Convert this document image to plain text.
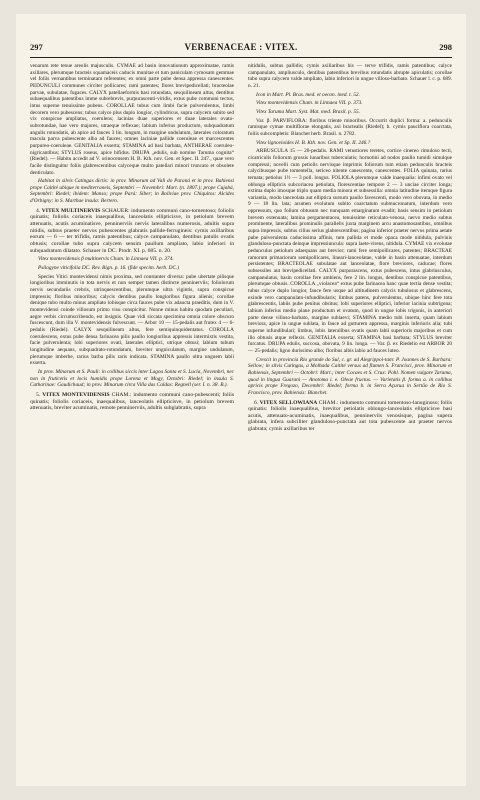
297	VERBENACEAE : VITEX.	298

venarum rete tenue areolis majusculis. CYMAE ad basin innovationum approximatae, ramis axillares, plerumque bracteis squamaceis caducis munitae et tum paniculam cymosam gemmae vel foliis vernantibus terminatam referentes; ex omni parte pube densa appressa canescentes. PEDUNCULI communes circiter pollicares; rami patentes; flores brevipedicellati; bracteolae parvae, subulatae, fugaces. CALYX patellaeformis basi rotundata, sesquilineam altus, dentibus subaequalibus patentibus imme subrebrevis, purpurascenti-viridis, extus pube communi tectus, intus superne tenuissime pubens. COROLLAE tubus cum limbi facie pulverulentus, limbi decorem vero pubescens; tubus calyce plus duplo longior, cylindricus, supra calycem subito sed vix conspicue ampliatus, coerulens; lacinias duae superiores et duae laterales ovato-subrotundae, hae vero majores, utraeque reflexae; labium inferius productum, subquadratum angulis rotundatis, ab apice ad fauces 3 lin. longum, in margine undulatum, laterales coloratum macula parva pubescente alba ad fauces; omnes laciniae pallide coeruleae et marcescentes purpureo-coeruleae. GENITALIA exserta; STAMINA ad basi barbata, ANTHERAE coeruleo-nigricantibus; STYLUS roseus, apice bifidus. DRUPA „edulis, sub nomine Taruma cognita“ (Riedel). — Habitu accedit ad V. orinocensem H. B. Kth. nov. Gen. et Spec. II. 247., quae vero facile distinguitur foliis glabrescentibus calyceque multo patellari minori truncato et obsolete denticulato.

Habitat in silvis Catingas dictis: in prov. Minarum ad Vali do Paraná et in prov. Bahiensi prope Caitité ubique in mediterraneis, Septembri — Novembri: Mart. (n. 1807.); prope Cujabá, Septembri: Riedel; ibidem: Manso; prope Pará: Siber; in Boliviae prov. Chiquitos: Alcides d'Orbigny; in S. Marthae insula: Bertero.

4. VITEX MULTINERVIS SCHAUER: indumento communi cano-tomentoso; foliolis quinatis; foliolis coriaceis inaequalibus, lanceolatis ellipticisve, in petiolum brevem attenuatis, acutis acuminatisve, penninerviis nervis lateralibus numerosis, adultis supra nitidis, subtus praeter nervos pubescentes glabratis pallide-ferrugineis: cymis axillaribus eorum — 6 — ter trifidis, ramis patentibus; calyce campanulato, dentibus patulis ovatis obtusis; corollae tubo supra calycem sensim paullum ampliato, labio inferiori in subquadratum dilatato. Schauer in DC. Prodr. XI. p. 685. n. 20.

Vitex montevidensis β multinervis Cham. in Linnaea VII. p. 374.

Psilogyne viticifolia DC. Rev. Bign. p. 16. (fide specim. herb. DC.)

Species Vitici montevidensi nimis proxima, sed constanter diversa: pube ubertate pilisque longioribus imminutis in tota nervis et non semper tamen distincte penninerviis; foliolorum nervis secundariis crebris, utrinquescentibus, plerumque ultra vigintis, supra conspicue impressis; floribus minoribus; calycis dentibus paullo longioribus figura alienis; corollae denique tubo multo minus ampliato lobisque circa fauces pube vix adaucta praeditis, dum in V. montevidensi coinde villosum primo visu conspicitur. Nonne minus habitu quodam peculiari, aegre verbis circumscribendo, est insignis. Quae vidi siccata specimina omnia colore obscuro fuscescunt, dum illa V. montevidensis fulvescunt. — Arbor 10 — 15-pedalis aut frutex 4 — 6-pedalis (Riedel). CALYX sesquilineam altus, fere semiquinquidentatus. COROLLA coerulescens, extus pube densa farinacea pilis paullo longioribus appressis intermixtis vestita, facie pulverulenta; lobi superiores ovati, laterales elliptici, utrique obtusi; labium tubum longitudine aequans, subquadrato-rotundatum, breviter unguiculatum, margine undulatum, plerumque imberbe, rarius barba pilis raris indicata. STAMINA paullo ultra unguem labii exserta.

In prov. Minarum et S. Pauli: in collibus siccis inter Lagoa Santa et S. Lucia, Novembri, nec non in fruticetis et locis humidis prope Lorena et Mogy, Octobri: Riedel; in insula S. Catharinae: Gaudichaud; in prov. Minarum circa Villa das Caldas: Regnell (ser. I. n. 38. B.).

5. VITEX MONTEVIDENSIS CHAM.: indumento communi cano-pubescenti; foliis quinatis; foliolis coriaceis, inaequalibus, lanceolatis ellipticisve, in petiolum brevem attenuatis, breviter acuminatis, remote penninerviis, adultis subglabratis, supra

nitidulis, subtus pallidis; cymis axillaribus bis — terve trifidis, ramis patentibus; calyce campanulato, ampliusculo, dentibus patentibus brevibus rotundatis abrupte apiculatis; corollae tubo supra calycem valde ampliato, labio inferiori in ungue villoso-barbato. Schauer l. c. p. 689. n. 21.

Icon in Mart. Pl. Bras. med. et oecon. ined. t. 52.

Vitex montevidensis Cham. in Linnaea VII. p. 373.

Vitex Taruma Mart. Syst. Mat. med. Brasil. p. 55.

Var. β. PARVIFLORA: floribus triente minoribus. Occurrit duplici forma: a. pedunculis ramisque cymae multiflorae elongatis, axi bractealis (Riedel); b. cymis pauciflora coarctata, foliis subcompletis: Blanchet herb. Brasil. n. 2782.

Vitex lignovioides H. B. Kth. nov. Gen. et Sp. II. 246.?

ARBUSCULA 15 — 20-pedalis. RAMI vetustiores teretes, cortice cinereo rimuloso tecti, cicatriculis foliorum grossis lunaribus tuberculatis; hornotini ad nodos paullo tumidi simulque compressi; novelli cum petiolis nervisque imprimis foliorum tum etiam pedunculis bracteis calycibusque pube tomentella, sericeo nitente canescente, canescentes. FOLIA quinata, rarius ternata; petiolus 1½ — 3 poll. longus. FOLIOLA plerumque valde inaequalia: infimi ovato vel oblonga ellipticis subcoriacea petiolata, florescentiae tempore 2 — 3 unciae circiter longa; extima duplo imosque triplo quam media minora et subsessilia: omnia latitudine itemque figura variantia, modo lanceolata aut elliptica sursum paullo favescenti, modo vero obovata, in medio 9 — 18 lin. lata; acumen evolutum subito coarctatum submucronatum, interdum vero oppressum, quo folium obtusum nec nunquam emarginatum evadit; basis sensim in petiolum brevem extenuata; lamina pergamentacea, tenuissime reticulato-venosa, nervo medio subtus prominente, lateralibus prominulis parallelis juxta marginem arcu anastomosantibus, omnibus supra impressis, subtus cilius serius glabrescentibus; pagina inferior praeter nervos prima aetate pube pulverulenta caducissima affinis, tum pallida et mode opaca mode nitidula, pulvinis glanduloso-punctata deinque impressiuncula: supra laete-virens, nitidula. CYMAE vix evolutae pedunculus petiolum adaequans aut brevior; rami fere semipollicares, patentes; BRACTEAE ramorum primariorum semipollicares, lineari-lanceolatae, valde in basin attenuatae, interdum persistentes; BRACTEOLAE subulatae aut lanceolatae, flore breviores, caducae; flores subsessiles aut brevipedicellati. CALYX purpurascens, extus pubescens, intus glabriusculus, campanulatus, basin corollae fere ambiens, fere 2 lin. longus, dentibus conspicue patentibus, plerumque obtusis. COROLLA „violacea“ extus pube farinacea hanc quae tectia dense vestita; tubus calyce duplo longior, fauce fere usque ad altitudinem calycis tubulosus et glabrescens, exinde vero campanulato-infundibularis; limbus patens, pulverulentus, ubique hinc fere tota glabrescentis, labiis pube penitus obsitus; lobi superiores elliptici, inferior lacinia subtrigona; labium inferius medio plane productum et ovatum, quod in ungue lobis trigonis, in anteriori parte dense villoso-barbato, margine sublaevi; STAMINA medio tubi inserta, quam labium breviora, apice in ungue sublata, in fauce ad gutturem appressa, marginis inferioris alia; tubi superne infundibulari; limbus, lobis lateralibus ovatis quam labii superioris majoribus et cum illo obtusis atque reflexis. GENITALIA exserta; STAMINA basi barbata; STYLUS breviter furcatus. DRUPA edulis, succosa, obovata, 9 lin. longa. — Var. β. ex Riedelio est ARBOR 20 — 25-pedalis; ligno durissimo albo; floribus albis labio ad fauces luteo.

Crescit in provincia Rio grande do Sul, c. gr. ad Alegrippoi-tam: P. Joannes de S. Barbara: Sellow; in silvis Catingas, a Molhada Caitité versus ad flumen S. Francisci, prov. Minarum et Bahiensis, Septembri — Octobri: Mart.; inter Cocaes et S. Crux: Pohl. Nomen vulgare Taruma, quod in lingua Guarani — Anotoma i. e. Oleae fructus. — Varietatis β. forma a. in collibus apricis prope Fregozo, Decembri: Riedel; forma b. in Serra Açurua in Sertão de Rio S. Francisco, prov. Bahiensis: Blanchet.

6. VITEX SELLOWIANA CHAM.: indumento communi tomentoso-lanuginoso; foliis quinatis: foliolis inaequalibus, brevitor petiolatis oblongo-lanceolatis ellipticisve basi acutis, attenuato-acuminatis, inaequalibus, penninerviis venosisque, pagina supera glabrata, infera subciliter glanduloso-punctata aut tota pubescente aut praeter nervos glabrata; cymis axillaribus ter
